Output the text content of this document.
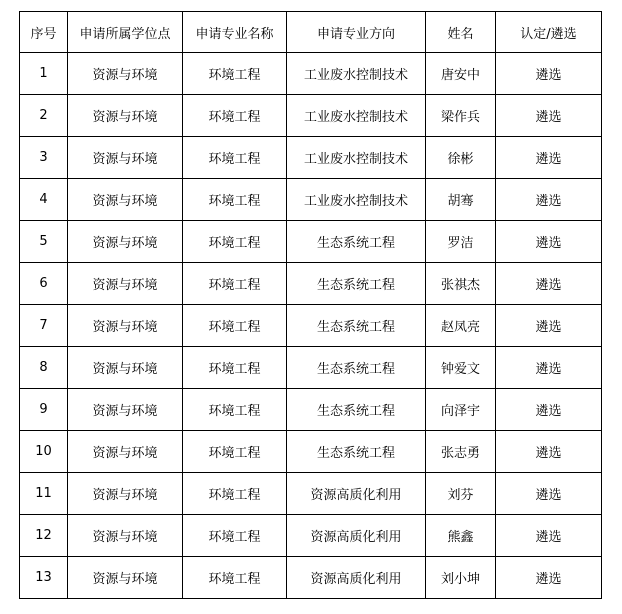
序号	申请所属学位点	申请专业名称	申请专业方向	姓名	认定/遴选
1	资源与环境	环境工程	工业废水控制技术	唐安中	遴选
2	资源与环境	环境工程	工业废水控制技术	梁作兵	遴选
3	资源与环境	环境工程	工业废水控制技术	徐彬	遴选
4	资源与环境	环境工程	工业废水控制技术	胡骞	遴选
5	资源与环境	环境工程	生态系统工程	罗洁	遴选
6	资源与环境	环境工程	生态系统工程	张祺杰	遴选
7	资源与环境	环境工程	生态系统工程	赵凤亮	遴选
8	资源与环境	环境工程	生态系统工程	钟爱文	遴选
9	资源与环境	环境工程	生态系统工程	向泽宇	遴选
10	资源与环境	环境工程	生态系统工程	张志勇	遴选
11	资源与环境	环境工程	资源高质化利用	刘芬	遴选
12	资源与环境	环境工程	资源高质化利用	熊鑫	遴选
13	资源与环境	环境工程	资源高质化利用	刘小坤	遴选
